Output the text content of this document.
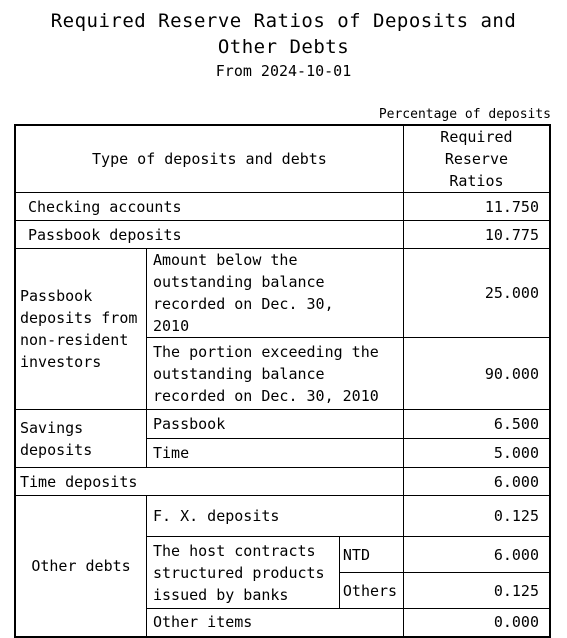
Required Reserve Ratios of Deposits and Other Debts
From 2024-10-01
Percentage of deposits
Type of deposits and debts			Required Reserve Ratios

Checking accounts			11.750
Passbook deposits			10.775
Passbook deposits from non-resident investors	Amount below the outstanding balance recorded on Dec. 30, 2010		25.000
	The portion exceeding the outstanding balance recorded on Dec. 30, 2010		90.000
Savings deposits	Passbook		6.500
	Time		5.000
Time deposits			6.000
Other debts	F. X. deposits		0.125
	The host contracts structured products issued by banks	NTD	6.000
		Others	0.125
	Other items		0.000
